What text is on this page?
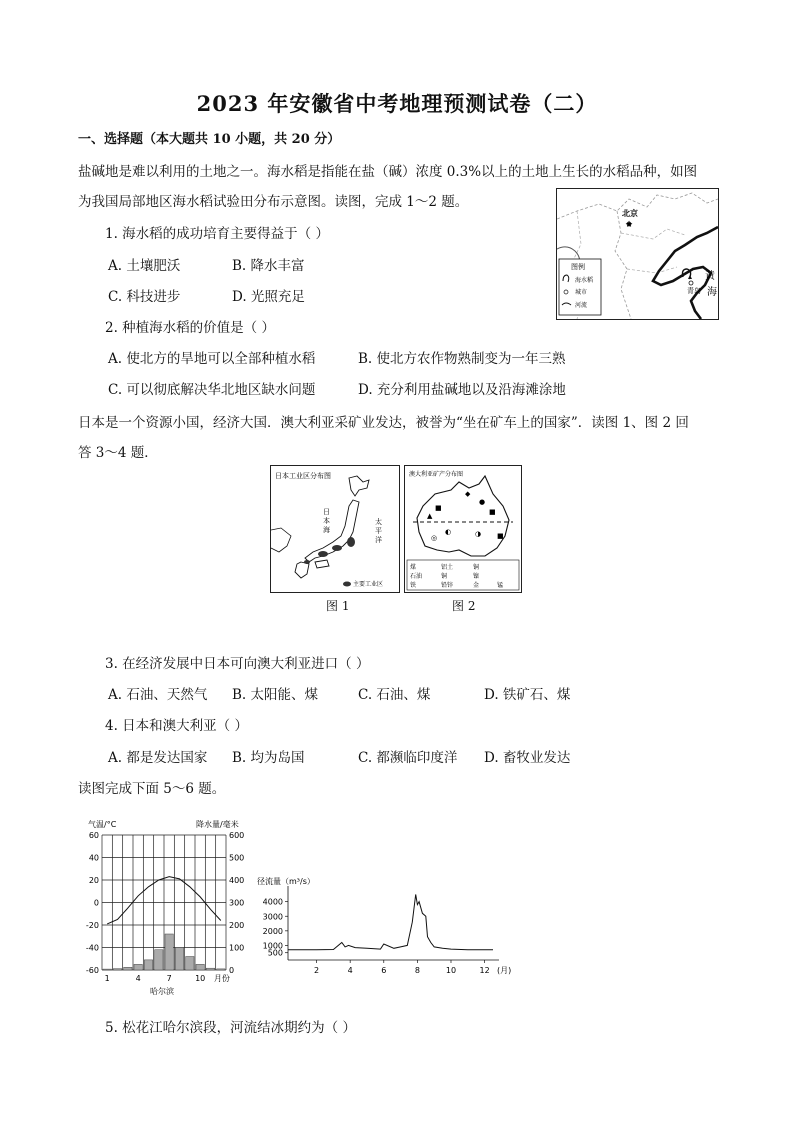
2023 年安徽省中考地理预测试卷（二）
一、选择题（本大题共 10 小题，共 20 分）
盐碱地是难以利用的土地之一。海水稻是指能在盐（碱）浓度 0.3%以上的土地上生长的水稻品种，如图
为我国局部地区海水稻试验田分布示意图。读图，完成 1～2 题。
1. 海水稻的成功培育主要得益于（ ）
A. 土壤肥沃	B. 降水丰富
C. 科技进步	D. 光照充足
2. 种植海水稻的价值是（ ）
A. 使北方的旱地可以全部种植水稻	B. 使北方农作物熟制变为一年三熟
C. 可以彻底解决华北地区缺水问题	D. 充分利用盐碱地以及沿海滩涂地
★
北京
青岛
黄
海
图例
海水稻
城市
河流
日本是一个资源小国，经济大国．澳大利亚采矿业发达，被誉为“坐在矿车上的国家”．读图 1、图 2 回
答 3～4 题．
日本工业区分布图
日
本
海
太
平
洋
主要工业区
图 1
澳大利亚矿产分布图
▲
■
◆
●
■
◐	◑ ■
◎
煤	铝土	铜
石油	铜	镍
铁	铅锌	金	锰
图 2
3. 在经济发展中日本可向澳大利亚进口（ ）
A. 石油、天然气 B. 太阳能、煤	C. 石油、煤	D. 铁矿石、煤
4. 日本和澳大利亚（ ）
A. 都是发达国家 B. 均为岛国	C. 都濒临印度洋 D. 畜牧业发达
读图完成下面 5～6 题。
气温/°C	降水量/毫米
60
40
20
0
-20
-40
-60
600
500
400
300
200
100
0
1	4	7	10 月份
哈尔滨
径流量（m³/s）
4000
3000
2000
1000
500
2	4	6	8	10	12 (月)
5. 松花江哈尔滨段，河流结冰期约为（ ）
